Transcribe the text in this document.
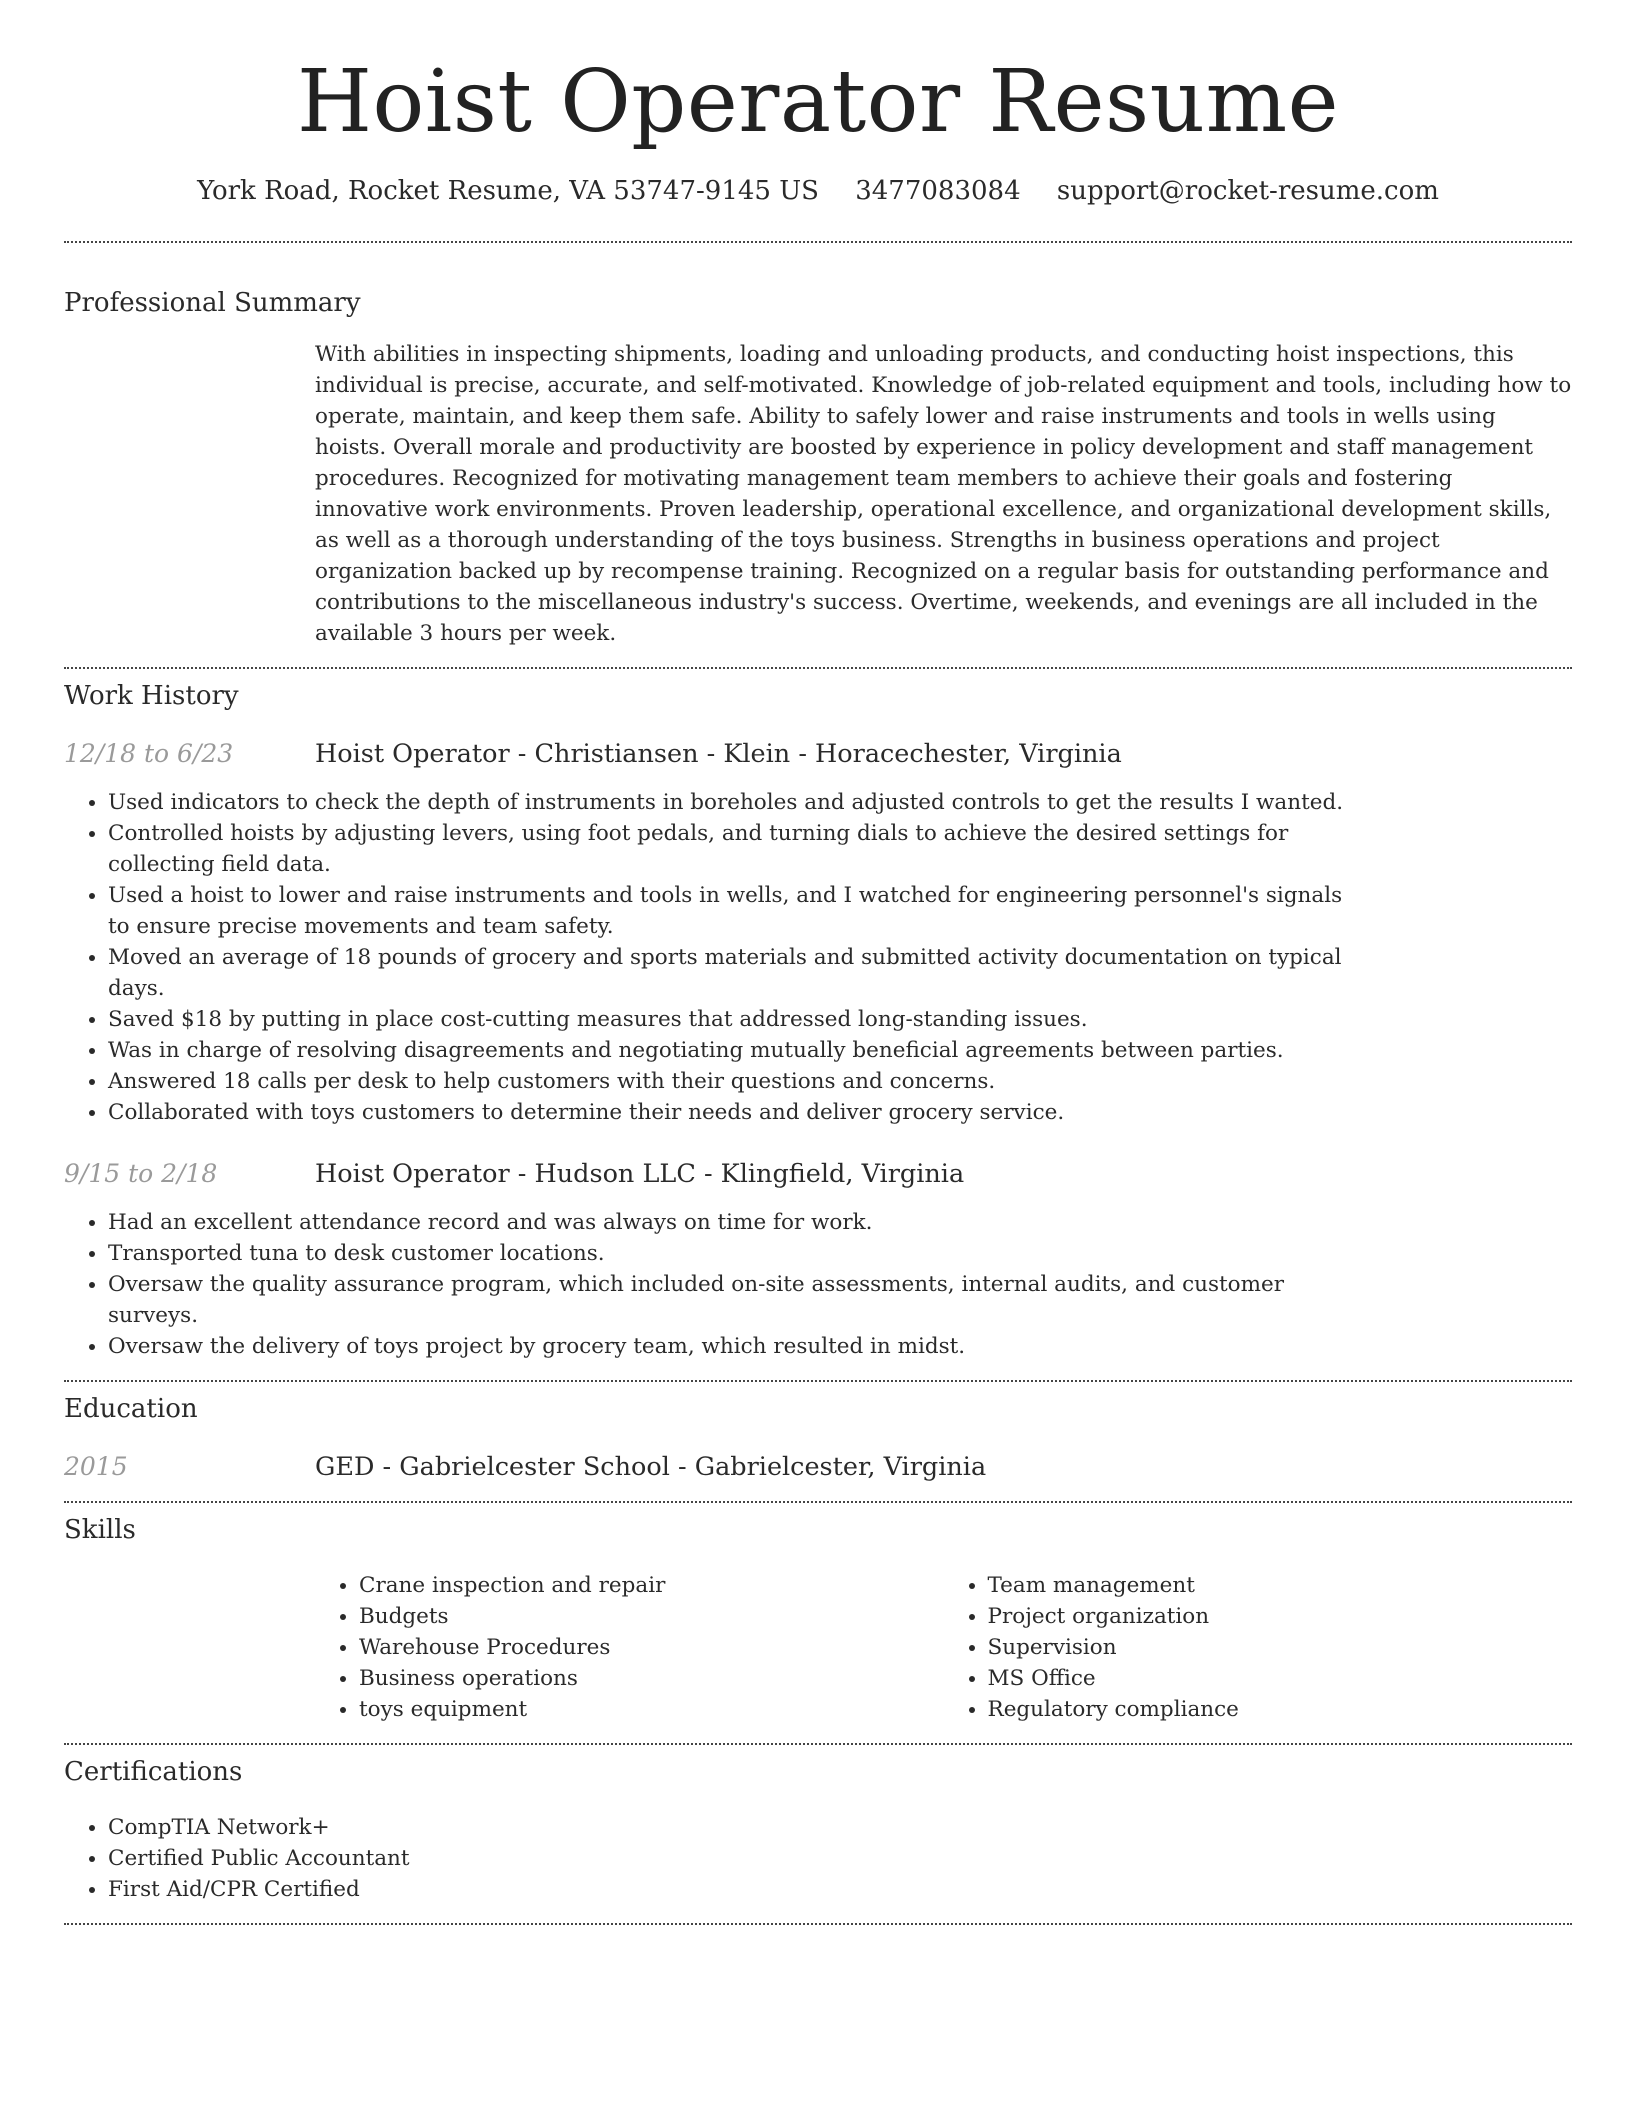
Hoist Operator Resume
York Road, Rocket Resume, VA 53747-9145 US 3477083084 support@rocket-resume.com
Professional Summary
With abilities in inspecting shipments, loading and unloading products, and conducting hoist inspections, this individual is precise, accurate, and self-motivated. Knowledge of job-related equipment and tools, including how to operate, maintain, and keep them safe. Ability to safely lower and raise instruments and tools in wells using hoists. Overall morale and productivity are boosted by experience in policy development and staff management procedures. Recognized for motivating management team members to achieve their goals and fostering innovative work environments. Proven leadership, operational excellence, and organizational development skills, as well as a thorough understanding of the toys business. Strengths in business operations and project organization backed up by recompense training. Recognized on a regular basis for outstanding performance and contributions to the miscellaneous industry's success. Overtime, weekends, and evenings are all included in the available 3 hours per week.
Work History
12/18 to 6/23	Hoist Operator - Christiansen - Klein - Horacechester, Virginia
• Used indicators to check the depth of instruments in boreholes and adjusted controls to get the results I wanted.
• Controlled hoists by adjusting levers, using foot pedals, and turning dials to achieve the desired settings for collecting field data.
• Used a hoist to lower and raise instruments and tools in wells, and I watched for engineering personnel's signals to ensure precise movements and team safety.
• Moved an average of 18 pounds of grocery and sports materials and submitted activity documentation on typical days.
• Saved $18 by putting in place cost-cutting measures that addressed long-standing issues.
• Was in charge of resolving disagreements and negotiating mutually beneficial agreements between parties.
• Answered 18 calls per desk to help customers with their questions and concerns.
• Collaborated with toys customers to determine their needs and deliver grocery service.
9/15 to 2/18	Hoist Operator - Hudson LLC - Klingfield, Virginia
• Had an excellent attendance record and was always on time for work.
• Transported tuna to desk customer locations.
• Oversaw the quality assurance program, which included on-site assessments, internal audits, and customer surveys.
• Oversaw the delivery of toys project by grocery team, which resulted in midst.
Education
2015	GED - Gabrielcester School - Gabrielcester, Virginia
Skills
• Crane inspection and repair
• Budgets
• Warehouse Procedures
• Business operations
• toys equipment
• Team management
• Project organization
• Supervision
• MS Office
• Regulatory compliance
Certifications
• CompTIA Network+
• Certified Public Accountant
• First Aid/CPR Certified
